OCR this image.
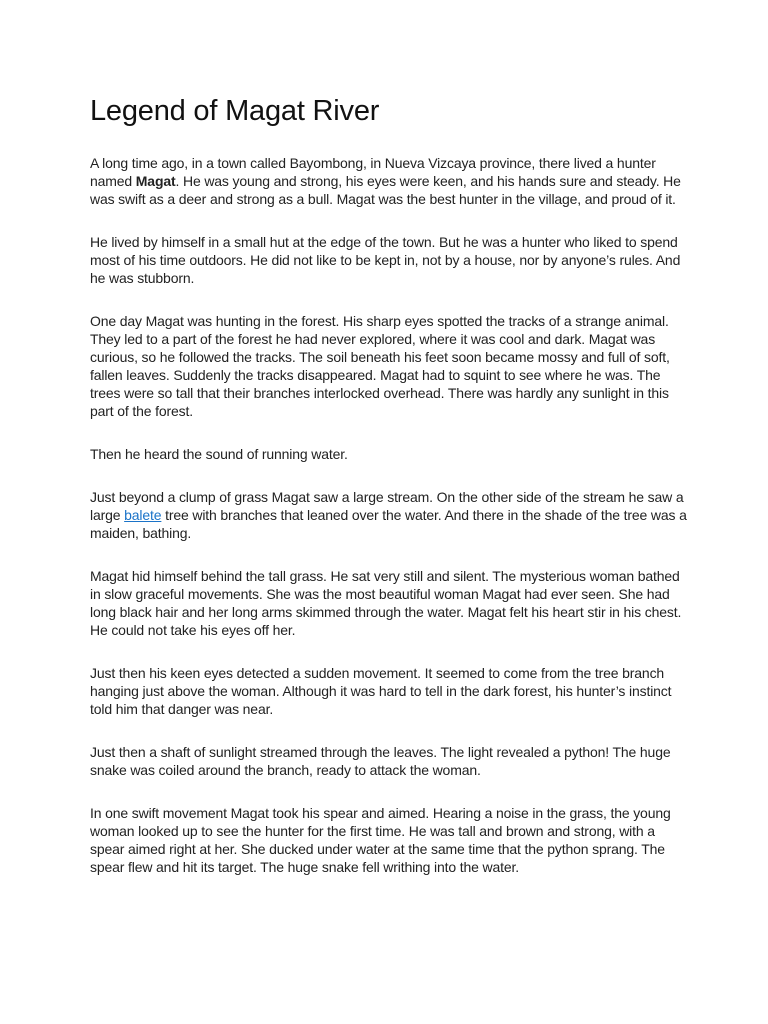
Legend of Magat River

A long time ago, in a town called Bayombong, in Nueva Vizcaya province, there lived a hunter named Magat. He was young and strong, his eyes were keen, and his hands sure and steady. He was swift as a deer and strong as a bull. Magat was the best hunter in the village, and proud of it.

He lived by himself in a small hut at the edge of the town. But he was a hunter who liked to spend most of his time outdoors. He did not like to be kept in, not by a house, nor by anyone’s rules. And he was stubborn.

One day Magat was hunting in the forest. His sharp eyes spotted the tracks of a strange animal. They led to a part of the forest he had never explored, where it was cool and dark. Magat was curious, so he followed the tracks. The soil beneath his feet soon became mossy and full of soft, fallen leaves. Suddenly the tracks disappeared. Magat had to squint to see where he was. The trees were so tall that their branches interlocked overhead. There was hardly any sunlight in this part of the forest.

Then he heard the sound of running water.

Just beyond a clump of grass Magat saw a large stream. On the other side of the stream he saw a large balete tree with branches that leaned over the water. And there in the shade of the tree was a maiden, bathing.

Magat hid himself behind the tall grass. He sat very still and silent. The mysterious woman bathed in slow graceful movements. She was the most beautiful woman Magat had ever seen. She had long black hair and her long arms skimmed through the water. Magat felt his heart stir in his chest. He could not take his eyes off her.

Just then his keen eyes detected a sudden movement. It seemed to come from the tree branch hanging just above the woman. Although it was hard to tell in the dark forest, his hunter’s instinct told him that danger was near.

Just then a shaft of sunlight streamed through the leaves. The light revealed a python! The huge snake was coiled around the branch, ready to attack the woman.

In one swift movement Magat took his spear and aimed. Hearing a noise in the grass, the young woman looked up to see the hunter for the first time. He was tall and brown and strong, with a spear aimed right at her. She ducked under water at the same time that the python sprang. The spear flew and hit its target. The huge snake fell writhing into the water.
